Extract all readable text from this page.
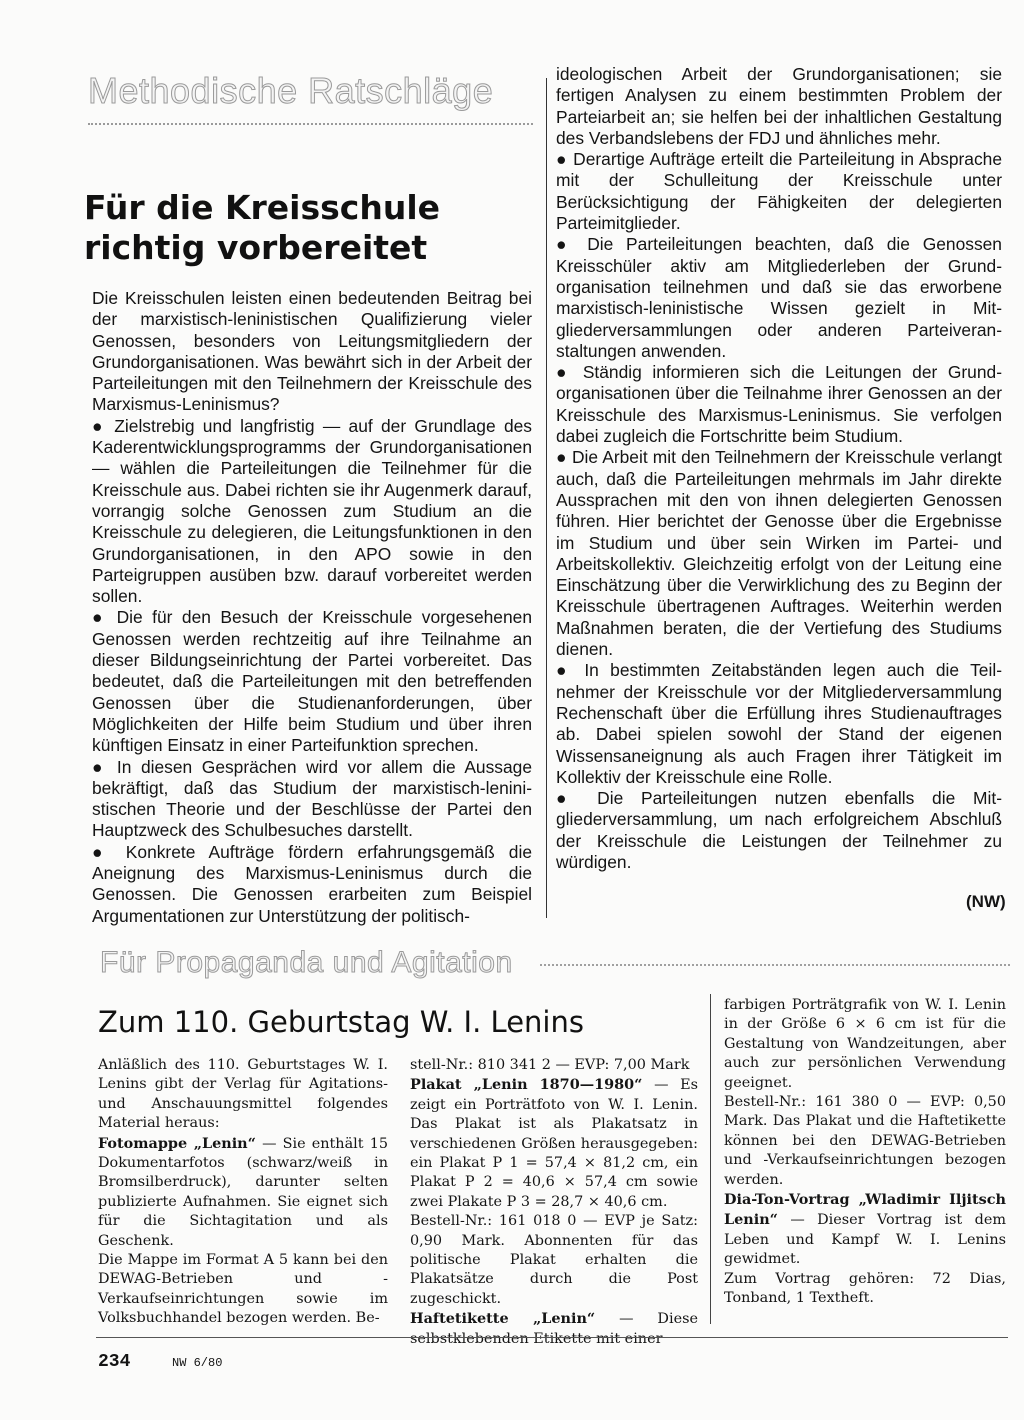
Methodische Ratschläge
Für die Kreisschule
richtig vorbereitet

Die Kreisschulen leisten einen bedeutenden Beitrag bei der marxistisch-leninistischen Qualifizierung vieler Genossen, besonders von Leitungsmitgliedern der Grundorganisationen. Was bewährt sich in der Arbeit der Parteileitungen mit den Teilnehmern der Kreisschule des Marxismus-Leninismus?

● Zielstrebig und langfristig — auf der Grundlage des Kaderentwicklungsprogramms der Grundorganisationen — wählen die Parteileitungen die Teilnehmer für die Kreisschule aus. Dabei richten sie ihr Augenmerk darauf, vorrangig solche Genossen zum Studium an die Kreisschule zu delegieren, die Leitungsfunktionen in den Grundorganisationen, in den APO sowie in den Parteigruppen ausüben bzw. darauf vorbereitet werden sollen.

● Die für den Besuch der Kreisschule vorgesehenen Genossen werden rechtzeitig auf ihre Teilnahme an dieser Bildungseinrichtung der Partei vorbereitet. Das bedeutet, daß die Parteileitungen mit den betreffenden Genossen über die Studienanforderungen, über Möglichkeiten der Hilfe beim Studium und über ihren künftigen Einsatz in einer Parteifunktion sprechen.

● In diesen Gesprächen wird vor allem die Aussage bekräftigt, daß das Studium der marxistisch-leninistischen Theorie und der Beschlüsse der Partei den Hauptzweck des Schulbesuches darstellt.

● Konkrete Aufträge fördern erfahrungsgemäß die Aneignung des Marxismus-Leninismus durch die Genossen. Die Genossen erarbeiten zum Beispiel Argumentationen zur Unterstützung der politisch-

ideologischen Arbeit der Grundorganisationen; sie fertigen Analysen zu einem bestimmten Problem der Parteiarbeit an; sie helfen bei der inhaltlichen Gestaltung des Verbandslebens der FDJ und ähnliches mehr.

● Derartige Aufträge erteilt die Parteileitung in Absprache mit der Schulleitung der Kreisschule unter Berücksichtigung der Fähigkeiten der delegierten Parteimitglieder.

● Die Parteileitungen beachten, daß die Genossen Kreisschüler aktiv am Mitgliederleben der Grundorganisation teilnehmen und daß sie das erworbene marxistisch-leninistische Wissen gezielt in Mitgliederversammlungen oder anderen Parteiveranstaltungen anwenden.

● Ständig informieren sich die Leitungen der Grundorganisationen über die Teilnahme ihrer Genossen an der Kreisschule des Marxismus-Leninismus. Sie verfolgen dabei zugleich die Fortschritte beim Studium.

● Die Arbeit mit den Teilnehmern der Kreisschule verlangt auch, daß die Parteileitungen mehrmals im Jahr direkte Aussprachen mit den von ihnen delegierten Genossen führen. Hier berichtet der Genosse über die Ergebnisse im Studium und über sein Wirken im Partei- und Arbeitskollektiv. Gleichzeitig erfolgt von der Leitung eine Einschätzung über die Verwirklichung des zu Beginn der Kreisschule übertragenen Auftrages. Weiterhin werden Maßnahmen beraten, die der Vertiefung des Studiums dienen.

● In bestimmten Zeitabständen legen auch die Teilnehmer der Kreisschule vor der Mitgliederversammlung Rechenschaft über die Erfüllung ihres Studienauftrages ab. Dabei spielen sowohl der Stand der eigenen Wissensaneignung als auch Fragen ihrer Tätigkeit im Kollektiv der Kreisschule eine Rolle.

● Die Parteileitungen nutzen ebenfalls die Mitgliederversammlung, um nach erfolgreichem Abschluß der Kreisschule die Leistungen der Teilnehmer zu würdigen.

(NW)
Für Propaganda und Agitation
Zum 110. Geburtstag W. I. Lenins

Anläßlich des 110. Geburtstages W. I. Lenins gibt der Verlag für Agitations- und Anschauungsmittel folgendes Material heraus:

Fotomappe „Lenin“ — Sie enthält 15 Dokumentarfotos (schwarz/weiß in Bromsilberdruck), darunter selten publizierte Aufnahmen. Sie eignet sich für die Sichtagitation und als Geschenk.

Die Mappe im Format A 5 kann bei den DEWAG-Betrieben und -Verkaufseinrichtungen sowie im Volksbuchhandel bezogen werden. Be-

stell-Nr.: 810 341 2 — EVP: 7,00 Mark

Plakat „Lenin 1870—1980“ — Es zeigt ein Porträtfoto von W. I. Lenin. Das Plakat ist als Plakatsatz in verschiedenen Größen herausgegeben: ein Plakat P 1 = 57,4 × 81,2 cm, ein Plakat P 2 = 40,6 × 57,4 cm sowie zwei Plakate P 3 = 28,7 × 40,6 cm.

Bestell-Nr.: 161 018 0 — EVP je Satz: 0,90 Mark. Abonnenten für das politische Plakat erhalten die Plakatsätze durch die Post zugeschickt.

Haftetikette „Lenin“ — Diese selbstklebenden Etikette mit einer

farbigen Porträtgrafik von W. I. Lenin in der Größe 6 × 6 cm ist für die Gestaltung von Wandzeitungen, aber auch zur persönlichen Verwendung geeignet.

Bestell-Nr.: 161 380 0 — EVP: 0,50 Mark. Das Plakat und die Haftetikette können bei den DEWAG-Betrieben und -Verkaufseinrichtungen bezogen werden.

Dia-Ton-Vortrag „Wladimir Iljitsch Lenin“ — Dieser Vortrag ist dem Leben und Kampf W. I. Lenins gewidmet.

Zum Vortrag gehören: 72 Dias, Tonband, 1 Textheft.

234	NW 6/80
